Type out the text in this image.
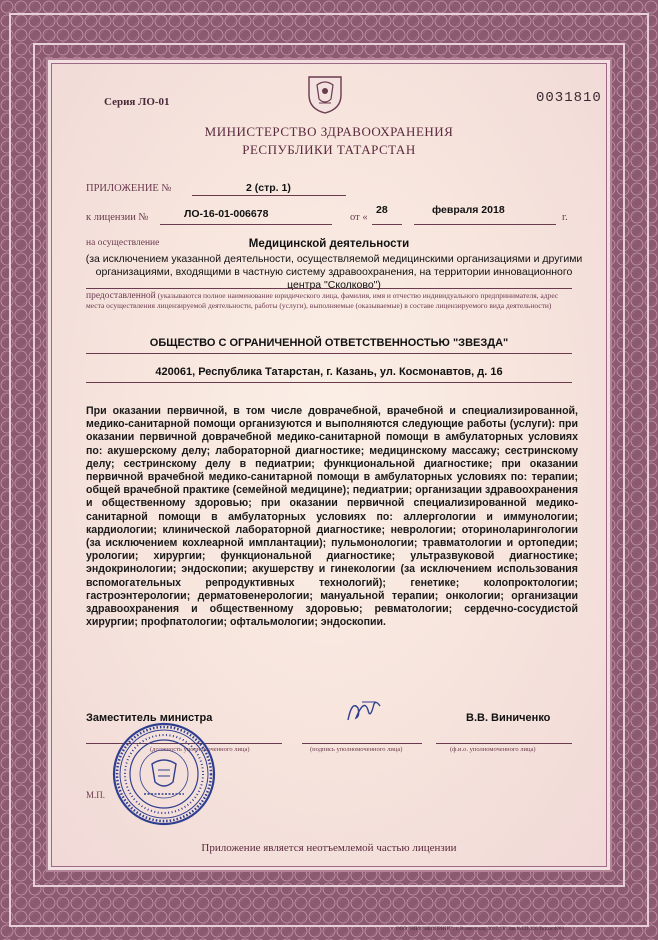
Серия ЛО-01	0031810
МИНИСТЕРСТВО ЗДРАВООХРАНЕНИЯ
РЕСПУБЛИКИ ТАТАРСТАН
ПРИЛОЖЕНИЕ №	2 (стр. 1)
к лицензии №	ЛО-16-01-006678	от «
28	февраля 2018
г.
на осуществление	Медицинской деятельности
(за исключением указанной деятельности, осуществляемой медицинскими организациями и другими организациями, входящими в частную систему здравоохранения, на территории инновационного центра "Сколково")
предоставленной (указываются полное наименование юридического лица, фамилия, имя и отчество индивидуального предпринимателя, адрес места осуществления лицензируемой деятельности, работы (услуги), выполняемые (оказываемые) в составе лицензируемого вида деятельности)
ОБЩЕСТВО С ОГРАНИЧЕННОЙ ОТВЕТСТВЕННОСТЬЮ "ЗВЕЗДА"
420061, Республика Татарстан, г. Казань, ул. Космонавтов, д. 16
При оказании первичной, в том числе доврачебной, врачебной и специализированной, медико-санитарной помощи организуются и выполняются следующие работы (услуги): при оказании первичной доврачебной медико-санитарной помощи в амбулаторных условиях по: акушерскому делу; лабораторной диагностике; медицинскому массажу; сестринскому делу; сестринскому делу в педиатрии; функциональной диагностике; при оказании первичной врачебной медико-санитарной помощи в амбулаторных условиях по: терапии; общей врачебной практике (семейной медицине); педиатрии; организации здравоохранения и общественному здоровью; при оказании первичной специализированной медико-санитарной помощи в амбулаторных условиях по: аллергологии и иммунологии; кардиологии; клинической лабораторной диагностике; неврологии; оториноларингологии (за исключением кохлеарной имплантации); пульмонологии; травматологии и ортопедии; урологии; хирургии; функциональной диагностике; ультразвуковой диагностике; эндокринологии; эндоскопии; акушерству и гинекологии (за исключением использования вспомогательных репродуктивных технологий); генетике; колопроктологии; гастроэнтерологии; дерматовенерологии; мануальной терапии; онкологии; организации здравоохранения и общественному здоровью; ревматологии; сердечно-сосудистой хирургии; профпатологии; офтальмологии; эндоскопии.
Заместитель министра	В.В. Виниченко
(должность уполномоченного лица)	(подпись уполномоченного лица)	(ф.и.о. уполномоченного лица)
М.П.
Приложение является неотъемлемой частью лицензии
ООО "НПО "НЕОПРИНТ", г. Всеволожск, 2017, "Б" Зак.№СП-226 Тираж 4000
